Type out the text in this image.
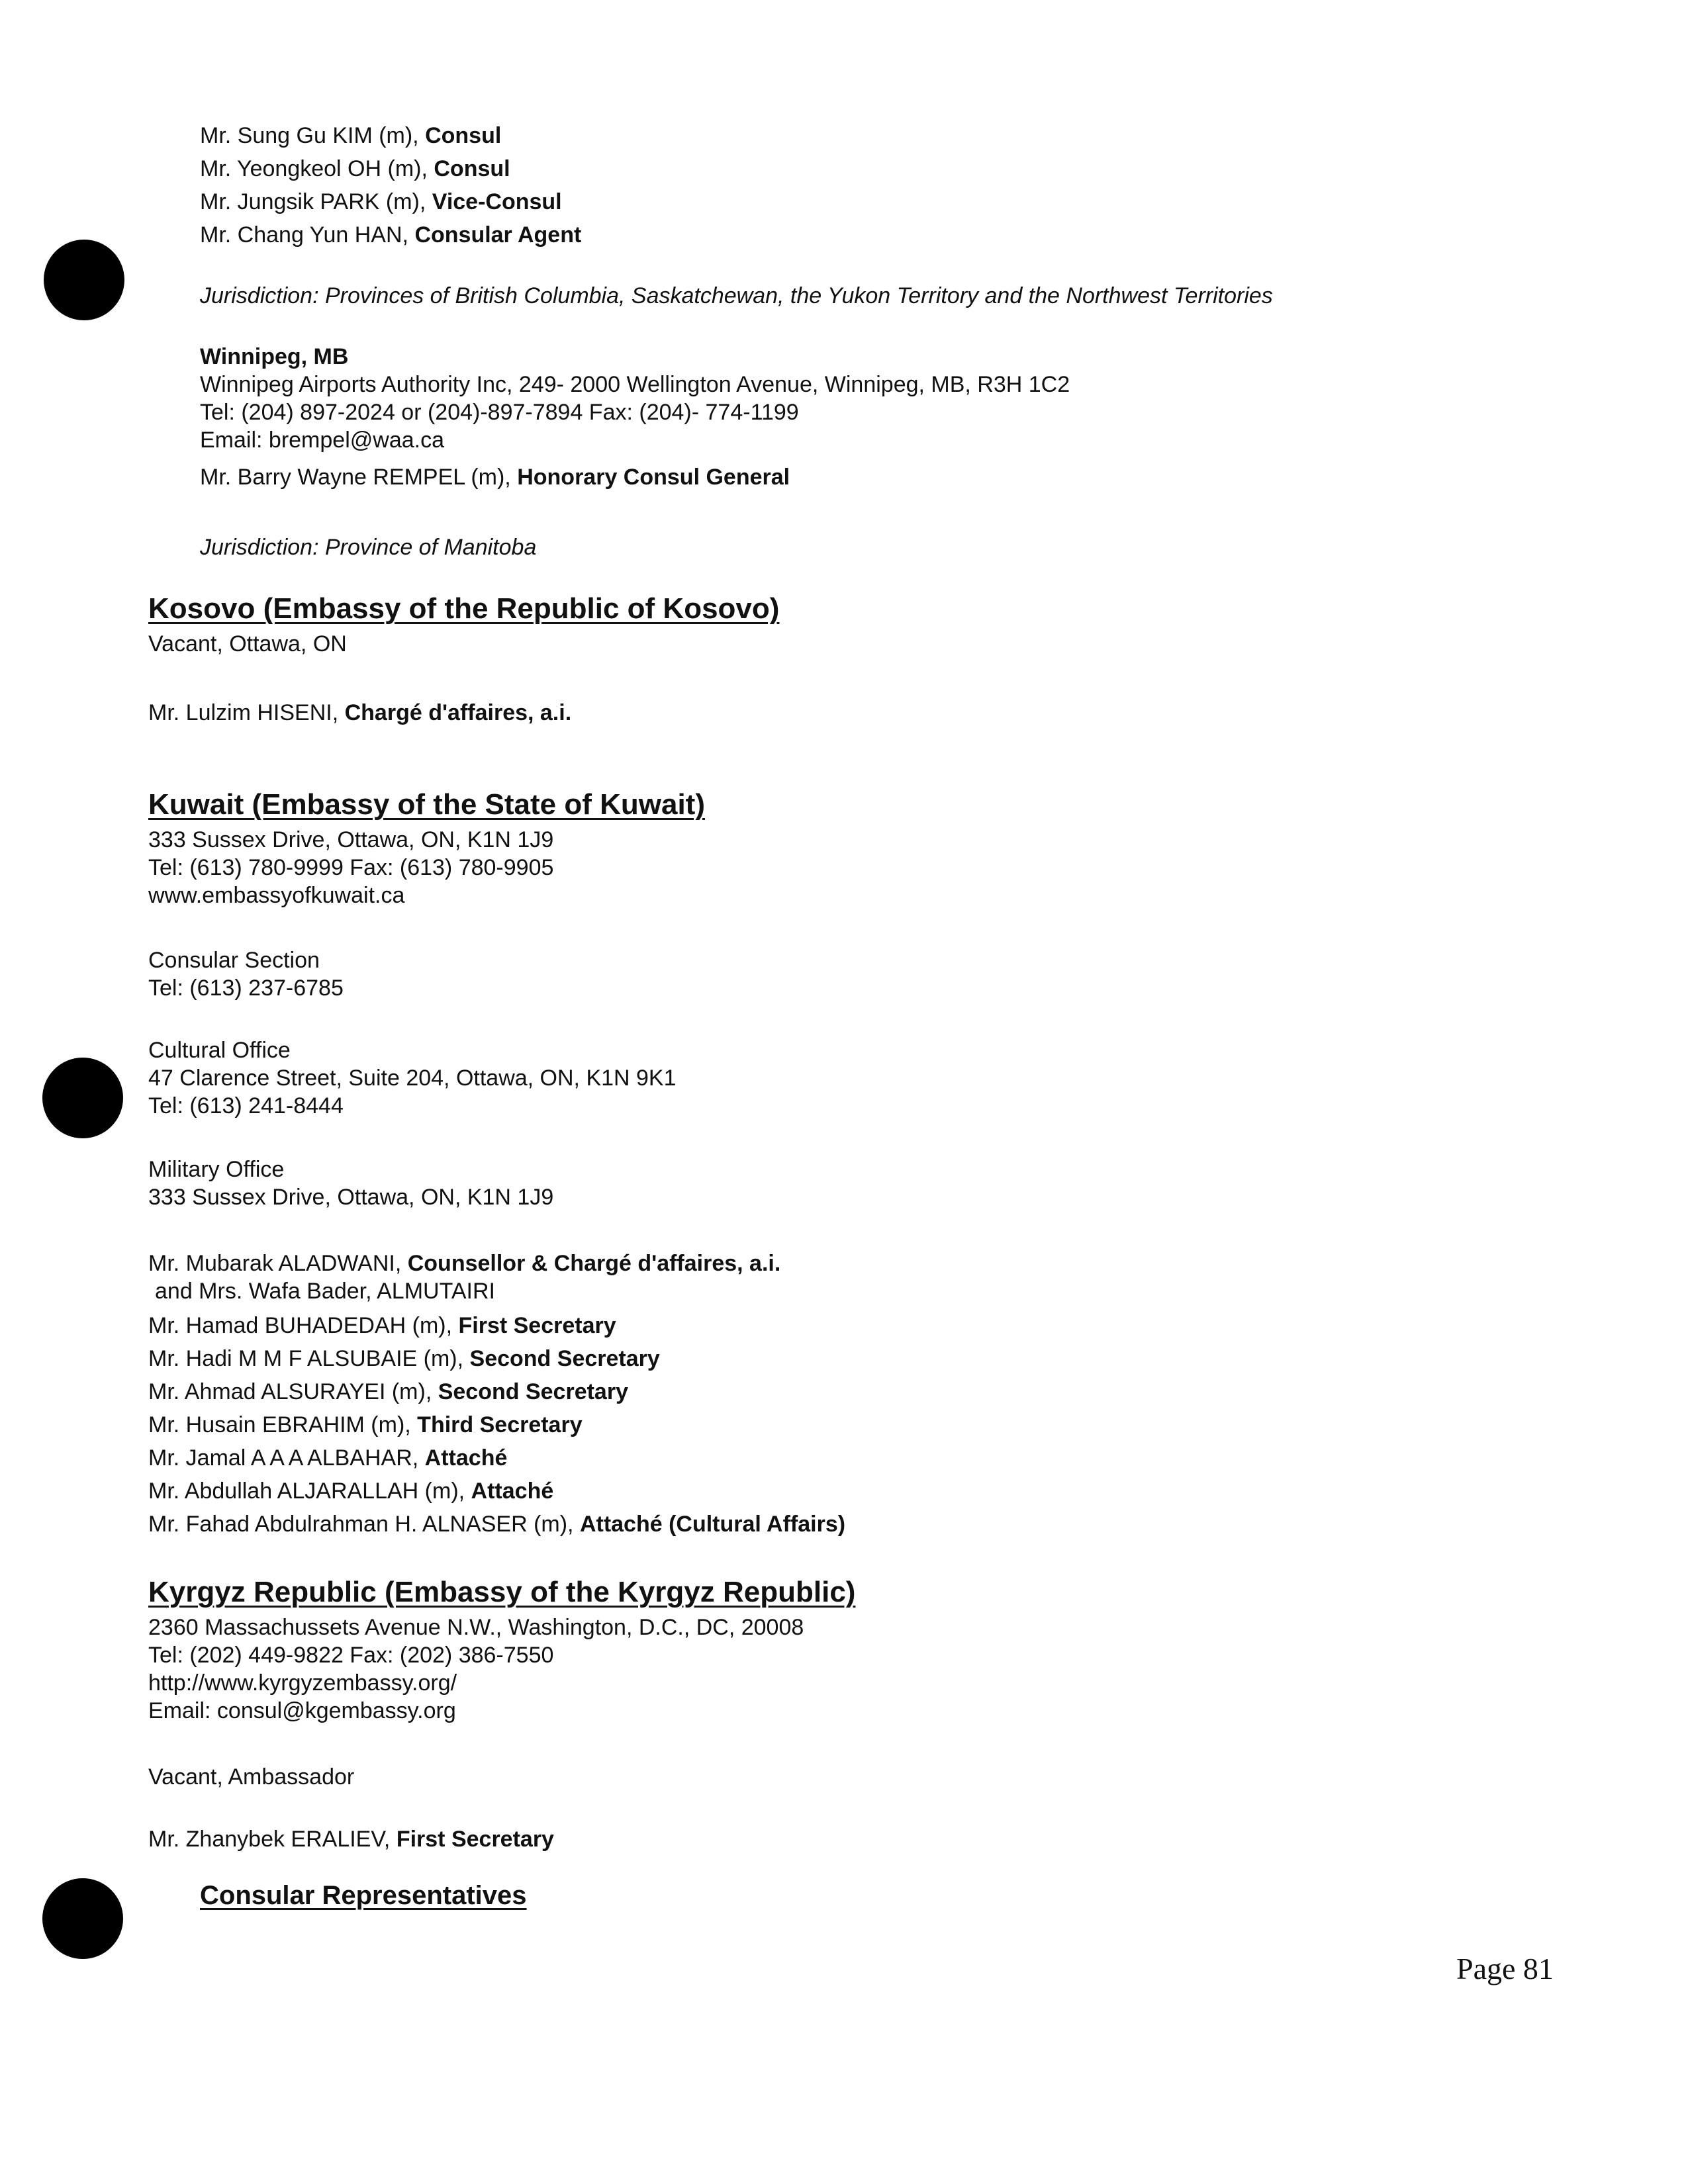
Mr. Sung Gu KIM (m), Consul
Mr. Yeongkeol OH (m), Consul
Mr. Jungsik PARK (m), Vice-Consul
Mr. Chang Yun HAN, Consular Agent
Jurisdiction: Provinces of British Columbia, Saskatchewan, the Yukon Territory and the Northwest Territories
Winnipeg, MB
Winnipeg Airports Authority Inc, 249- 2000 Wellington Avenue, Winnipeg, MB, R3H 1C2
Tel: (204) 897-2024 or (204)-897-7894 Fax: (204)- 774-1199
Email: brempel@waa.ca
Mr. Barry Wayne REMPEL (m), Honorary Consul General
Jurisdiction: Province of Manitoba
Kosovo (Embassy of the Republic of Kosovo)
Vacant, Ottawa, ON
Mr. Lulzim HISENI, Chargé d'affaires, a.i.
Kuwait (Embassy of the State of Kuwait)
333 Sussex Drive, Ottawa, ON, K1N 1J9
Tel: (613) 780-9999 Fax: (613) 780-9905
www.embassyofkuwait.ca
Consular Section
Tel: (613) 237-6785
Cultural Office
47 Clarence Street, Suite 204, Ottawa, ON, K1N 9K1
Tel: (613) 241-8444
Military Office
333 Sussex Drive, Ottawa, ON, K1N 1J9
Mr. Mubarak ALADWANI, Counsellor & Chargé d'affaires, a.i.
and Mrs. Wafa Bader, ALMUTAIRI
Mr. Hamad BUHADEDAH (m), First Secretary
Mr. Hadi M M F ALSUBAIE (m), Second Secretary
Mr. Ahmad ALSURAYEI (m), Second Secretary
Mr. Husain EBRAHIM (m), Third Secretary
Mr. Jamal A A A ALBAHAR, Attaché
Mr. Abdullah ALJARALLAH (m), Attaché
Mr. Fahad Abdulrahman H. ALNASER (m), Attaché (Cultural Affairs)
Kyrgyz Republic (Embassy of the Kyrgyz Republic)
2360 Massachussets Avenue N.W., Washington, D.C., DC, 20008
Tel: (202) 449-9822 Fax: (202) 386-7550
http://www.kyrgyzembassy.org/
Email: consul@kgembassy.org
Vacant, Ambassador
Mr. Zhanybek ERALIEV, First Secretary
Consular Representatives
Page 81
